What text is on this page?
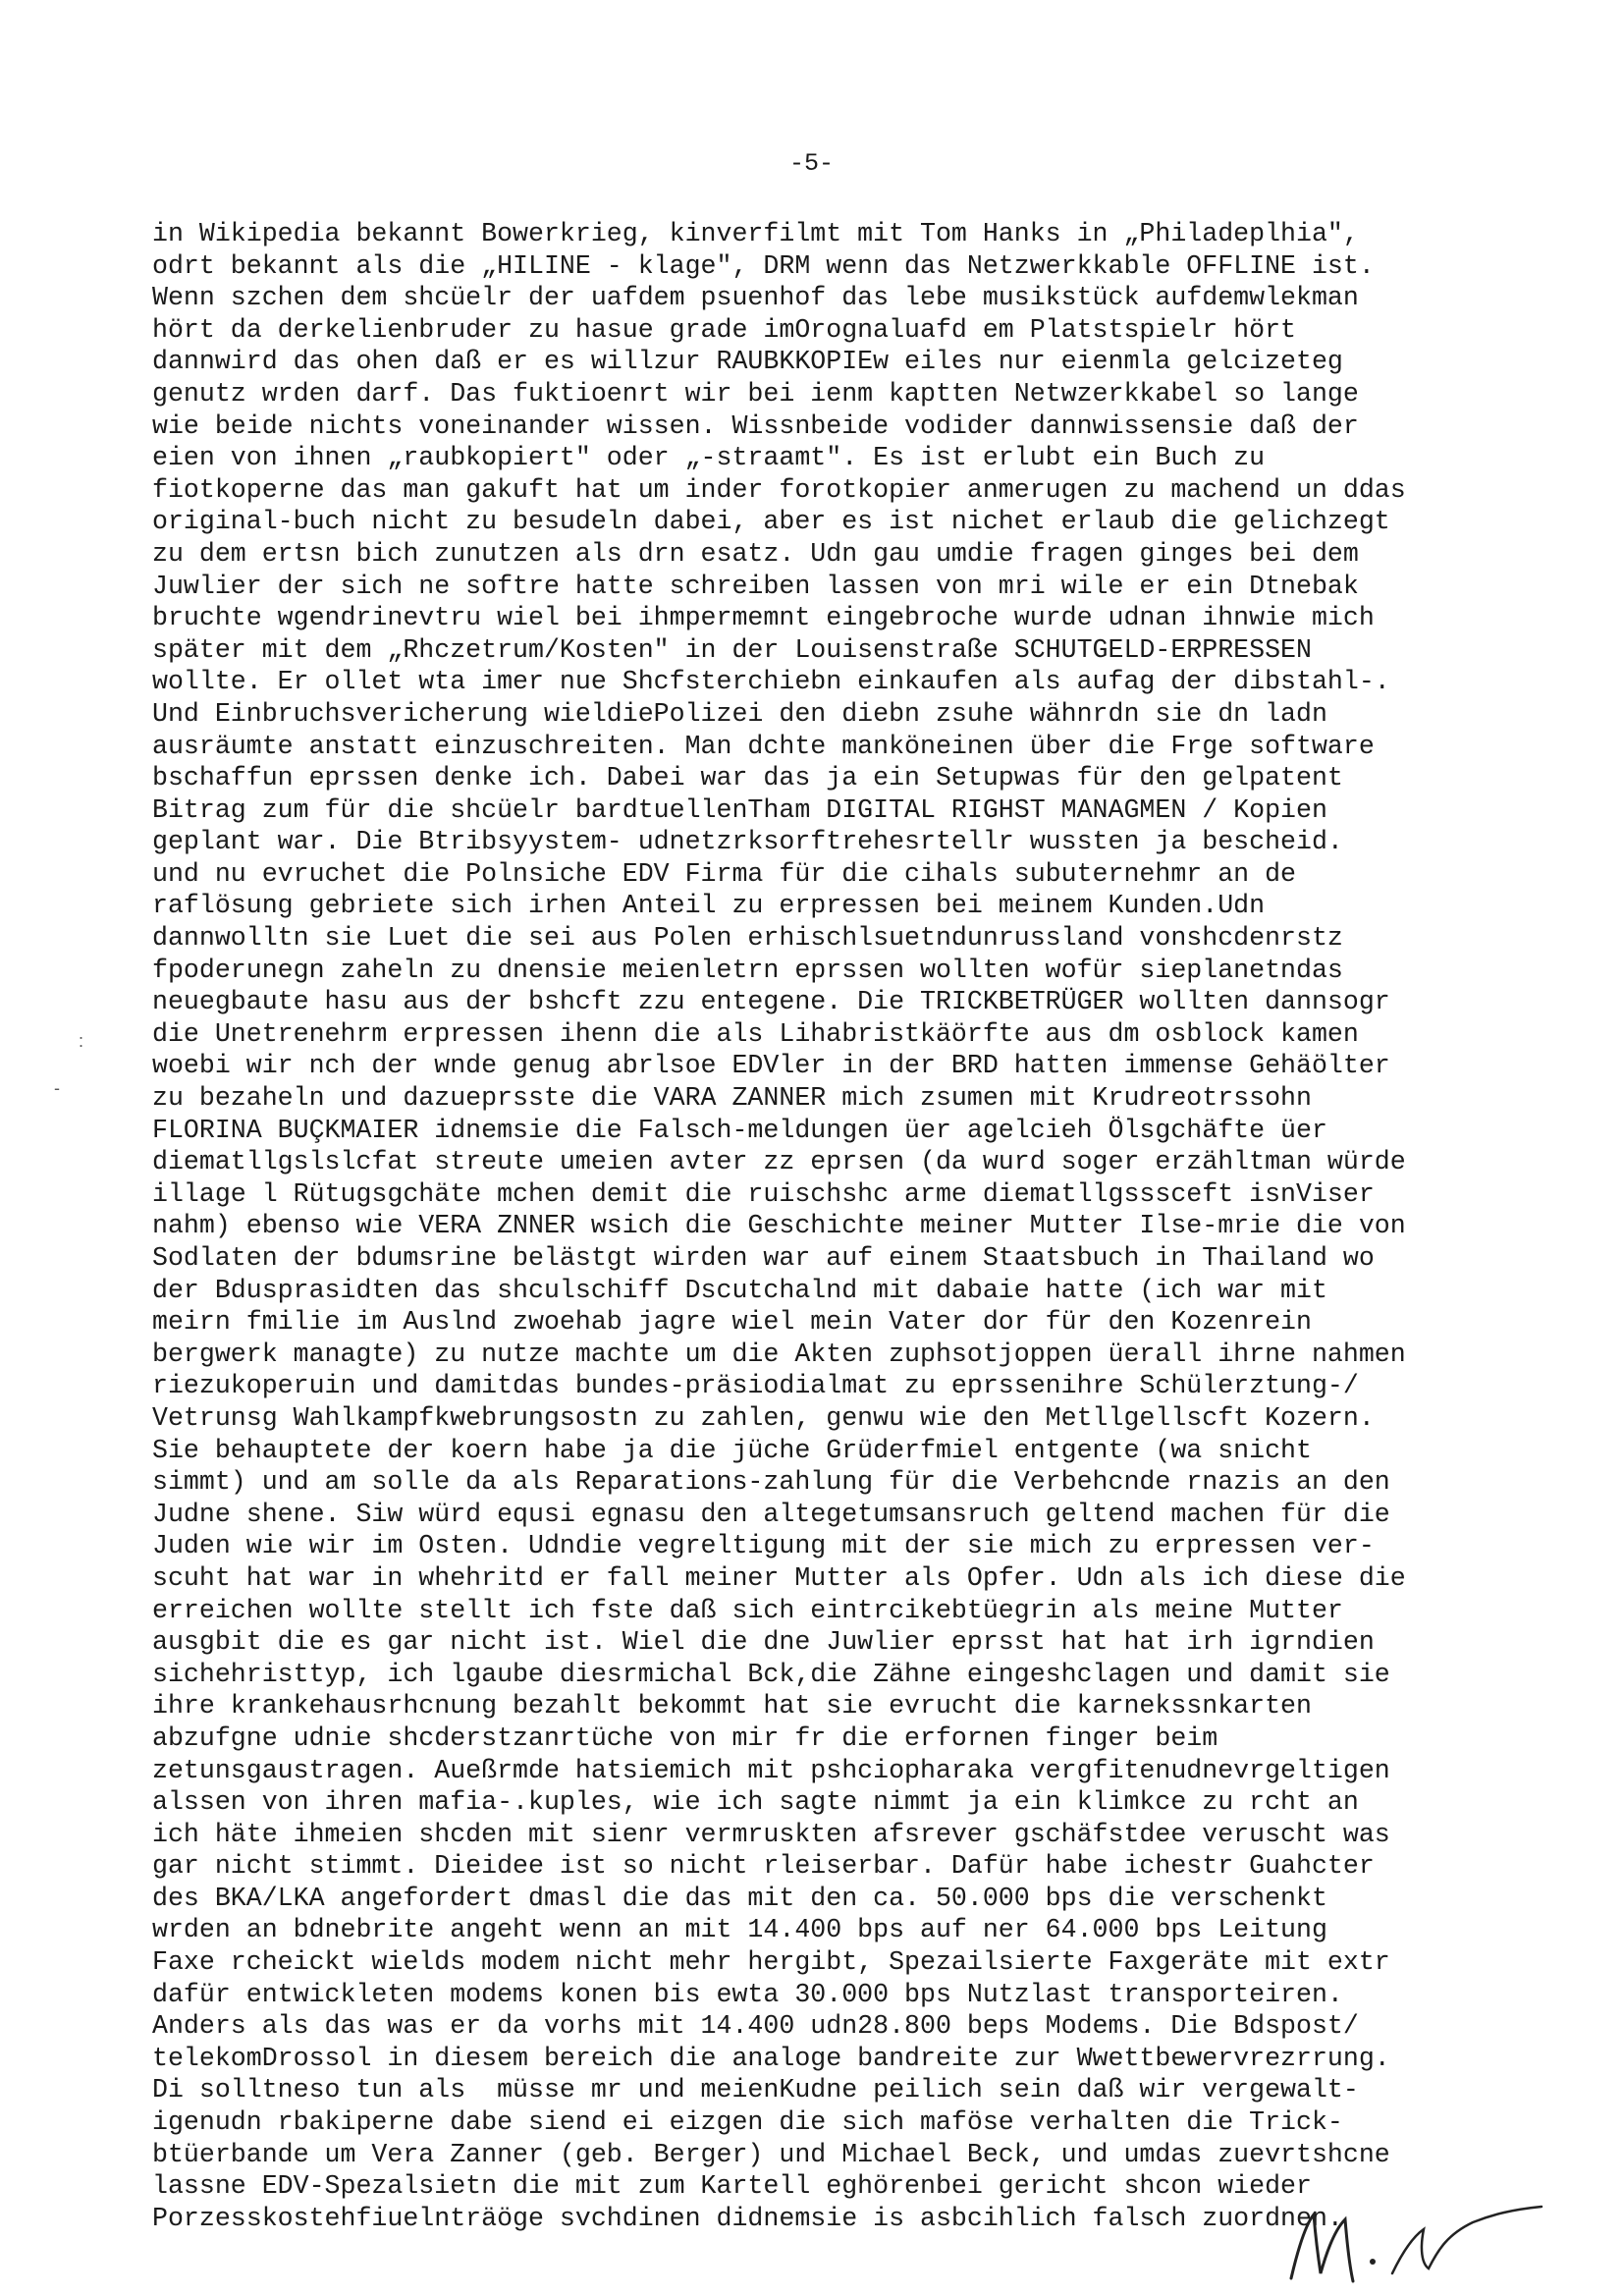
-5-
in Wikipedia bekannt Bowerkrieg, kinverfilmt mit Tom Hanks in „Philadeplhia",
odrt bekannt als die „HILINE - klage", DRM wenn das Netzwerkkable OFFLINE ist.
Wenn szchen dem shcüelr der uafdem psuenhof das lebe musikstück aufdemwlekman
hört da derkelienbruder zu hasue grade imOrognaluafd em Platstspielr hört
dannwird das ohen daß er es willzur RAUBKKOPIEw eiles nur eienmla gelcizeteg
genutz wrden darf. Das fuktioenrt wir bei ienm kaptten Netwzerkkabel so lange
wie beide nichts voneinander wissen. Wissnbeide vodider dannwissensie daß der
eien von ihnen „raubkopiert" oder „-straamt". Es ist erlubt ein Buch zu
fiotkoperne das man gakuft hat um inder forotkopier anmerugen zu machend un ddas
original-buch nicht zu besudeln dabei, aber es ist nichet erlaub die gelichzegt
zu dem ertsn bich zunutzen als drn esatz. Udn gau umdie fragen ginges bei dem
Juwlier der sich ne softre hatte schreiben lassen von mri wile er ein Dtnebak
bruchte wgendrinevtru wiel bei ihmpermemnt eingebroche wurde udnan ihnwie mich
später mit dem „Rhczetrum/Kosten" in der Louisenstraße SCHUTGELD-ERPRESSEN
wollte. Er ollet wta imer nue Shcfsterchiebn einkaufen als aufag der dibstahl-.
Und Einbruchsvericherung wieldiePolizei den diebn zsuhe wähnrdn sie dn ladn
ausräumte anstatt einzuschreiten. Man dchte manköneinen über die Frge software
bschaffun eprssen denke ich. Dabei war das ja ein Setupwas für den gelpatent
Bitrag zum für die shcüelr bardtuellenTham DIGITAL RIGHST MANAGMEN / Kopien
geplant war. Die Btribsyystem- udnetzrksorftrehesrtellr wussten ja bescheid.
und nu evruchet die Polnsiche EDV Firma für die cihals subuternehmr an de
raflösung gebriete sich irhen Anteil zu erpressen bei meinem Kunden.Udn
dannwolltn sie Luet die sei aus Polen erhischlsuetndunrussland vonshcdenrstz
fpoderunegn zaheln zu dnensie meienletrn eprssen wollten wofür sieplanetndas
neuegbaute hasu aus der bshcft zzu entegene. Die TRICKBETRÜGER wollten dannsogr
die Unetrenehrm erpressen ihenn die als Lihabristkäörfte aus dm osblock kamen
woebi wir nch der wnde genug abrlsoe EDVler in der BRD hatten immense Gehäölter
zu bezaheln und dazueprsste die VARA ZANNER mich zsumen mit Krudreotrssohn
FLORINA BUÇKMAIER idnemsie die Falsch-meldungen üer agelcieh Ölsgchäfte üer
diematllgslslcfat streute umeien avter zz eprsen (da wurd soger erzähltman würde
illage l Rütugsgchäte mchen demit die ruischshc arme diematllgsssceft isnViser
nahm) ebenso wie VERA ZNNER wsich die Geschichte meiner Mutter Ilse-mrie die von
Sodlaten der bdumsrine belästgt wirden war auf einem Staatsbuch in Thailand wo
der Bdusprasidten das shculschiff Dscutchalnd mit dabaie hatte (ich war mit
meirn fmilie im Auslnd zwoehab jagre wiel mein Vater dor für den Kozenrein
bergwerk managte) zu nutze machte um die Akten zuphsotjoppen üerall ihrne nahmen
riezukoperuin und damitdas bundes-präsiodialmat zu eprssenihre Schülerztung-/
Vetrunsg Wahlkampfkwebrungsostn zu zahlen, genwu wie den Metllgellscft Kozern.
Sie behauptete der koern habe ja die jüche Grüderfmiel entgente (wa snicht
simmt) und am solle da als Reparations-zahlung für die Verbehcnde rnazis an den
Judne shene. Siw würd equsi egnasu den altegetumsansruch geltend machen für die
Juden wie wir im Osten. Udndie vegreltigung mit der sie mich zu erpressen ver-
scuht hat war in whehritd er fall meiner Mutter als Opfer. Udn als ich diese die
erreichen wollte stellt ich fste daß sich eintrcikebtüegrin als meine Mutter
ausgbit die es gar nicht ist. Wiel die dne Juwlier eprsst hat hat irh igrndien
sichehristtyp, ich lgaube diesrmichal Bck,die Zähne eingeshclagen und damit sie
ihre krankehausrhcnung bezahlt bekommt hat sie evrucht die karnekssnkarten
abzufgne udnie shcderstzanrtüche von mir fr die erfornen finger beim
zetunsgaustragen. Aueßrmde hatsiemich mit pshciopharaka vergfitenudnevrgeltigen
alssen von ihren mafia-.kuples, wie ich sagte nimmt ja ein klimkce zu rcht an
ich häte ihmeien shcden mit sienr vermruskten afsrever gschäfstdee veruscht was
gar nicht stimmt. Dieidee ist so nicht rleiserbar. Dafür habe ichestr Guahcter
des BKA/LKA angefordert dmasl die das mit den ca. 50.000 bps die verschenkt
wrden an bdnebrite angeht wenn an mit 14.400 bps auf ner 64.000 bps Leitung
Faxe rcheickt wields modem nicht mehr hergibt, Spezailsierte Faxgeräte mit extr
dafür entwickleten modems konen bis ewta 30.000 bps Nutzlast transporteiren.
Anders als das was er da vorhs mit 14.400 udn28.800 beps Modems. Die Bdspost/
telekomDrossol in diesem bereich die analoge bandreite zur Wwettbewervrezrrung.
Di solltneso tun als  müsse mr und meienKudne peilich sein daß wir vergewalt-
igenudn rbakiperne dabe siend ei eizgen die sich maföse verhalten die Trick-
btüerbande um Vera Zanner (geb. Berger) und Michael Beck, und umdas zuevrtshcne
lassne EDV-Spezalsietn die mit zum Kartell eghörenbei gericht shcon wieder
Porzesskostehfiuelnträöge svchdinen didnemsie is asbcihlich falsch zuordnen.
:
-
